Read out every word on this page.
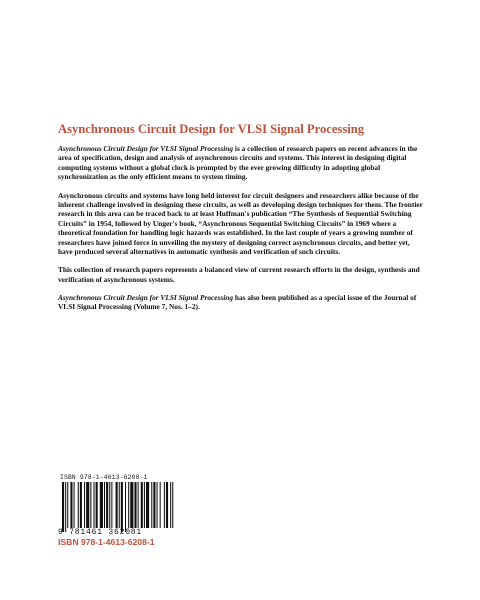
Asynchronous Circuit Design for VLSI Signal Processing

Asynchronous Circuit Design for VLSI Signal Processing is a collection of research papers on recent advances in the area of specification, design and analysis of asynchronous circuits and systems. This interest in designing digital computing systems without a global clock is prompted by the ever growing difficulty in adopting global synchronization as the only efficient means to system timing.

Asynchronous circuits and systems have long held interest for circuit designers and researchers alike because of the inherent challenge involved in designing these circuits, as well as developing design techniques for them. The frontier research in this area can be traced back to at least Huffman's publication “The Synthesis of Sequential Switching Circuits” in 1954, followed by Unger's book, “Asynchronous Sequential Switching Circuits” in 1969 where a theoretical foundation for handling logic hazards was established. In the last couple of years a growing number of researchers have joined force in unveiling the mystery of designing correct asynchronous circuits, and better yet, have produced several alternatives in automatic synthesis and verification of such circuits.

This collection of research papers represents a balanced view of current research efforts in the design, synthesis and verification of asynchronous systems.

Asynchronous Circuit Design for VLSI Signal Processing has also been published as a special issue of the Journal of VLSI Signal Processing (Volume 7, Nos. 1–2).

ISBN 978-1-4613-6208-1
9 781461 362081
ISBN 978-1-4613-6208-1
